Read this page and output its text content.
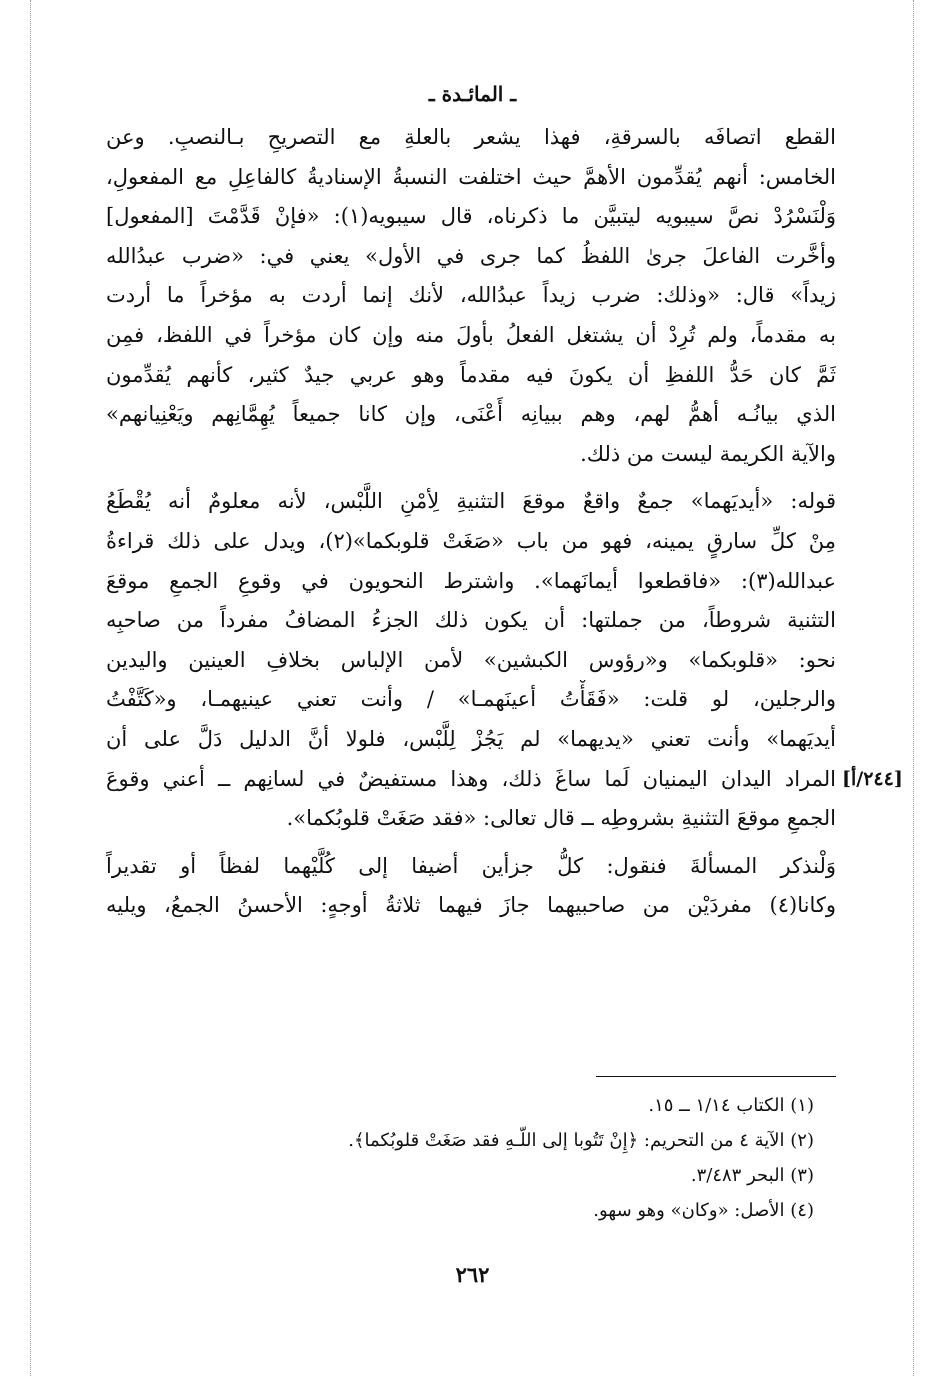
ـ المائـدة ـ
القطع اتصافَه بالسرقةِ، فهذا يشعر بالعلةِ مع التصريحِ بـالنصبِ. وعن
الخامس: أنهم يُقدِّمون الأهمَّ حيث اختلفت النسبةُ الإسناديةُ كالفاعِلِ مع المفعولِ،
وَلْنَسْرُدْ نصَّ سيبويه ليتبيَّن ما ذكرناه، قال سيبويه(١): «فإنْ قَدَّمْتَ [المفعول]
وأخَّرت الفاعلَ جرىٰ اللفظُ كما جرى في الأول» يعني في: «ضرب عبدُالله
زيداً» قال: «وذلك: ضرب زيداً عبدُالله، لأنك إنما أردت به مؤخراً ما أردت
به مقدماً، ولم تُرِدْ أن يشتغل الفعلُ بأولَ منه وإن كان مؤخراً في اللفظ، فمِن
ثَمَّ كان حَدُّ اللفظِ أن يكونَ فيه مقدماً وهو عربي جيدٌ كثير، كأنهم يُقدِّمون
الذي بيانُـه أهمُّ لهم، وهم ببيانِه أَعْنَى، وإن كانا جميعاً يُهِمَّانِهم ويَعْنِيانهم»
والآية الكريمة ليست من ذلك.
قوله: «أيديَهما» جمعٌ واقعٌ موقعَ التثنيةِ لِأمْنِ اللَّبْس، لأنه معلومٌ أنه يُقْطَعُ
مِنْ كلِّ سارقٍ يمينه، فهو من باب «صَغَتْ قلوبكما»(٢)، ويدل على ذلك قراءةُ
عبدالله(٣): «فاقطعوا أيمانَهما». واشترط النحويون في وقوعِ الجمعِ موقعَ
التثنية شروطاً، من جملتها: أن يكون ذلك الجزءُ المضافُ مفرداً من صاحبِه
نحو: «قلوبكما» و«رؤوس الكبشين» لأمن الإلباس بخلافِ العينين واليدين
والرجلين، لو قلت: «فَقَأْتُ أعينَهمـا» / وأنت تعني عينيهمـا، و«كَتَّفْتُ
أيديَهما» وأنت تعني «يديهما» لم يَجُزْ لِلَّبْس، فلولا أنَّ الدليل دَلَّ على أن
المراد اليدان اليمنيان لَما ساغَ ذلك، وهذا مستفيضٌ في لسانِهم ــ أعني وقوعَ
الجمعِ موقعَ التثنيةِ بشروطِه ــ قال تعالى: «فقد صَغَتْ قلوبُكما».
وَلْنذكر المسألةَ فنقول: كلُّ جزأين أضيفا إلى كُلَّيْهما لفظاً أو تقديراً
وكانا(٤) مفردَيْن من صاحبيهما جازَ فيهما ثلاثةُ أوجهٍ: الأحسنُ الجمعُ، ويليه
[٢٤٤/أ]
(١) الكتاب ١/١٤ ــ ١٥.
(٢) الآية ٤ من التحريم: ﴿إِنْ تَتُوبا إلى اللّـهِ فقد صَغَتْ قلوبُكما﴾.
(٣) البحر ٣/٤٨٣.
(٤) الأصل: «وكان» وهو سهو.
٢٦٢
